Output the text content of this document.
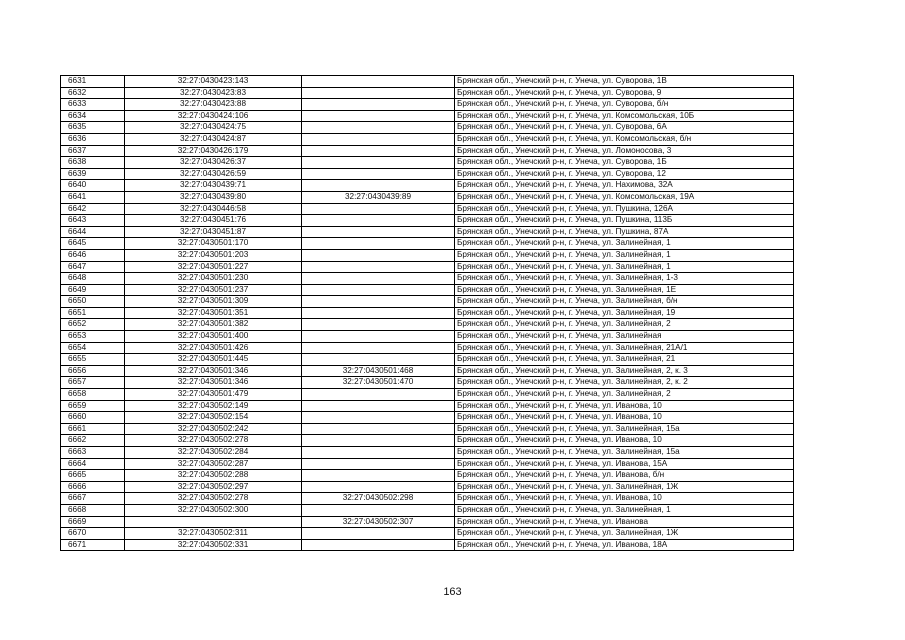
6631	32:27:0430423:143		Брянская обл., Унечский р-н, г. Унеча, ул. Суворова, 1В
6632	32:27:0430423:83		Брянская обл., Унечский р-н, г. Унеча, ул. Суворова, 9
6633	32:27:0430423:88		Брянская обл., Унечский р-н, г. Унеча, ул. Суворова, б/н
6634	32:27:0430424:106		Брянская обл., Унечский р-н, г. Унеча, ул. Комсомольская, 10Б
6635	32:27:0430424:75		Брянская обл., Унечский р-н, г. Унеча, ул. Суворова, 6А
6636	32:27:0430424:87		Брянская обл., Унечский р-н, г. Унеча, ул. Комсомольская, б/н
6637	32:27:0430426:179		Брянская обл., Унечский р-н, г. Унеча, ул. Ломоносова, 3
6638	32:27:0430426:37		Брянская обл., Унечский р-н, г. Унеча, ул. Суворова, 1Б
6639	32:27:0430426:59		Брянская обл., Унечский р-н, г. Унеча, ул. Суворова, 12
6640	32:27:0430439:71		Брянская обл., Унечский р-н, г. Унеча, ул. Нахимова, 32А
6641	32:27:0430439:80	32:27:0430439:89	Брянская обл., Унечский р-н, г. Унеча, ул. Комсомольская, 19А
6642	32:27:0430446:58		Брянская обл., Унечский р-н, г. Унеча, ул. Пушкина, 126А
6643	32:27:0430451:76		Брянская обл., Унечский р-н, г. Унеча, ул. Пушкина, 113Б
6644	32:27:0430451:87		Брянская обл., Унечский р-н, г. Унеча, ул. Пушкина, 87А
6645	32:27:0430501:170		Брянская обл., Унечский р-н, г. Унеча, ул. Залинейная, 1
6646	32:27:0430501:203		Брянская обл., Унечский р-н, г. Унеча, ул. Залинейная, 1
6647	32:27:0430501:227		Брянская обл., Унечский р-н, г. Унеча, ул. Залинейная, 1
6648	32:27:0430501:230		Брянская обл., Унечский р-н, г. Унеча, ул. Залинейная, 1-3
6649	32:27:0430501:237		Брянская обл., Унечский р-н, г. Унеча, ул. Залинейная, 1Е
6650	32:27:0430501:309		Брянская обл., Унечский р-н, г. Унеча, ул. Залинейная, б/н
6651	32:27:0430501:351		Брянская обл., Унечский р-н, г. Унеча, ул. Залинейная, 19
6652	32:27:0430501:382		Брянская обл., Унечский р-н, г. Унеча, ул. Залинейная, 2
6653	32:27:0430501:400		Брянская обл., Унечский р-н, г. Унеча, ул. Залинейная
6654	32:27:0430501:426		Брянская обл., Унечский р-н, г. Унеча, ул. Залинейная, 21А/1
6655	32:27:0430501:445		Брянская обл., Унечский р-н, г. Унеча, ул. Залинейная, 21
6656	32:27:0430501:346	32:27:0430501:468	Брянская обл., Унечский р-н, г. Унеча, ул. Залинейная, 2, к. 3
6657	32:27:0430501:346	32:27:0430501:470	Брянская обл., Унечский р-н, г. Унеча, ул. Залинейная, 2, к. 2
6658	32:27:0430501:479		Брянская обл., Унечский р-н, г. Унеча, ул. Залинейная, 2
6659	32:27:0430502:149		Брянская обл., Унечский р-н, г. Унеча, ул. Иванова, 10
6660	32:27:0430502:154		Брянская обл., Унечский р-н, г. Унеча, ул. Иванова, 10
6661	32:27:0430502:242		Брянская обл., Унечский р-н, г. Унеча, ул. Залинейная, 15а
6662	32:27:0430502:278		Брянская обл., Унечский р-н, г. Унеча, ул. Иванова, 10
6663	32:27:0430502:284		Брянская обл., Унечский р-н, г. Унеча, ул. Залинейная, 15а
6664	32:27:0430502:287		Брянская обл., Унечский р-н, г. Унеча, ул. Иванова, 15А
6665	32:27:0430502:288		Брянская обл., Унечский р-н, г. Унеча, ул. Иванова, б/н
6666	32:27:0430502:297		Брянская обл., Унечский р-н, г. Унеча, ул. Залинейная, 1Ж
6667	32:27:0430502:278	32:27:0430502:298	Брянская обл., Унечский р-н, г. Унеча, ул. Иванова, 10
6668	32:27:0430502:300		Брянская обл., Унечский р-н, г. Унеча, ул. Залинейная, 1
6669		32:27:0430502:307	Брянская обл., Унечский р-н, г. Унеча, ул. Иванова
6670	32:27:0430502:311		Брянская обл., Унечский р-н, г. Унеча, ул. Залинейная, 1Ж
6671	32:27:0430502:331		Брянская обл., Унечский р-н, г. Унеча, ул. Иванова, 18А
163
